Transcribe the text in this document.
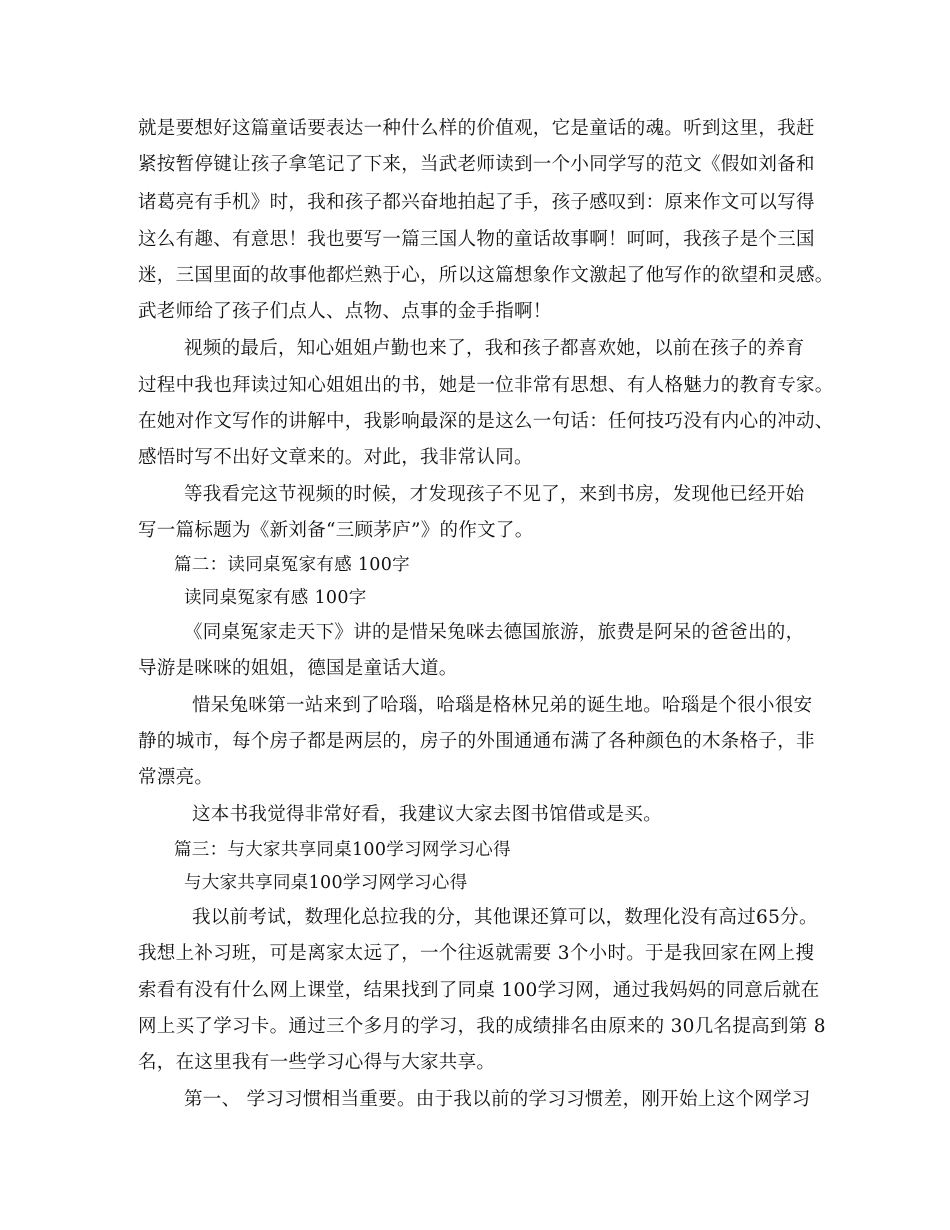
就是要想好这篇童话要表达一种什么样的价值观，它是童话的魂。听到这里，我赶
紧按暂停键让孩子拿笔记了下来，当武老师读到一个小同学写的范文《假如刘备和
诸葛亮有手机》时，我和孩子都兴奋地拍起了手，孩子感叹到：原来作文可以写得
这么有趣、有意思！我也要写一篇三国人物的童话故事啊！呵呵，我孩子是个三国
迷，三国里面的故事他都烂熟于心，所以这篇想象作文激起了他写作的欲望和灵感。
武老师给了孩子们点人、点物、点事的金手指啊！
视频的最后，知心姐姐卢勤也来了，我和孩子都喜欢她，以前在孩子的养育
过程中我也拜读过知心姐姐出的书，她是一位非常有思想、有人格魅力的教育专家。
在她对作文写作的讲解中，我影响最深的是这么一句话：任何技巧没有内心的冲动、
感悟时写不出好文章来的。对此，我非常认同。
等我看完这节视频的时候，才发现孩子不见了，来到书房，发现他已经开始
写一篇标题为《新刘备“三顾茅庐”》的作文了。
篇二：读同桌冤家有感 100字
读同桌冤家有感 100字
《同桌冤家走天下》讲的是惜呆兔咪去德国旅游，旅费是阿呆的爸爸出的，
导游是咪咪的姐姐，德国是童话大道。
惜呆兔咪第一站来到了哈瑙，哈瑙是格林兄弟的诞生地。哈瑙是个很小很安
静的城市，每个房子都是两层的，房子的外围通通布满了各种颜色的木条格子，非
常漂亮。
这本书我觉得非常好看，我建议大家去图书馆借或是买。
篇三：与大家共享同桌100学习网学习心得
与大家共享同桌100学习网学习心得
我以前考试，数理化总拉我的分，其他课还算可以，数理化没有高过65分。
我想上补习班，可是离家太远了，一个往返就需要 3个小时。于是我回家在网上搜
索看有没有什么网上课堂，结果找到了同桌 100学习网，通过我妈妈的同意后就在
网上买了学习卡。通过三个多月的学习，我的成绩排名由原来的 30几名提高到第 8
名，在这里我有一些学习心得与大家共享。
第一、 学习习惯相当重要。由于我以前的学习习惯差，刚开始上这个网学习
